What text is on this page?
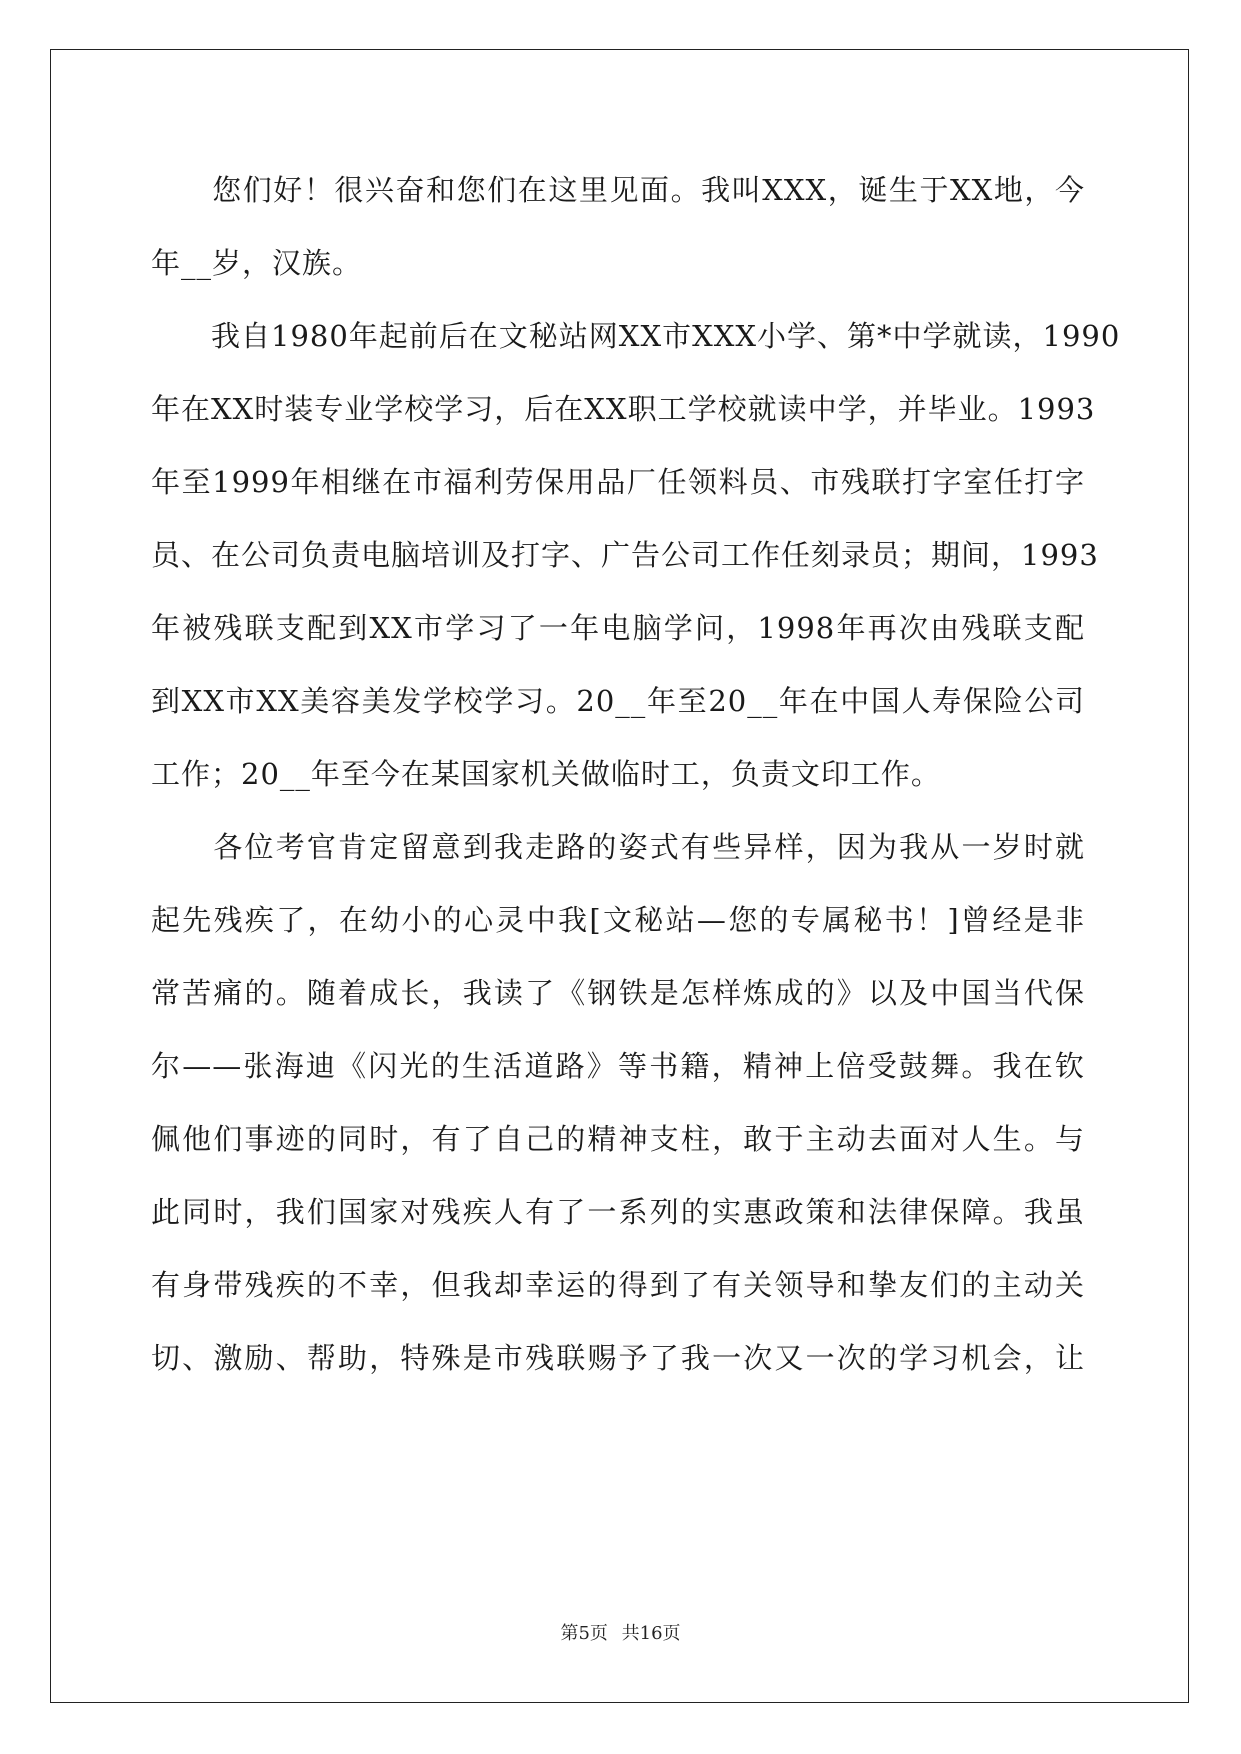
　　您们好！很兴奋和您们在这里见面。我叫XXX，诞生于XX地，今
年__岁，汉族。
　　我自1980年起前后在文秘站网XX市XXX小学、第*中学就读，1990
年在XX时装专业学校学习，后在XX职工学校就读中学，并毕业。1993
年至1999年相继在市福利劳保用品厂任领料员、市残联打字室任打字
员、在公司负责电脑培训及打字、广告公司工作任刻录员；期间，1993
年被残联支配到XX市学习了一年电脑学问，1998年再次由残联支配
到XX市XX美容美发学校学习。20__年至20__年在中国人寿保险公司
工作；20__年至今在某国家机关做临时工，负责文印工作。
　　各位考官肯定留意到我走路的姿式有些异样，因为我从一岁时就
起先残疾了，在幼小的心灵中我[文秘站—您的专属秘书！]曾经是非
常苦痛的。随着成长，我读了《钢铁是怎样炼成的》以及中国当代保
尔——张海迪《闪光的生活道路》等书籍，精神上倍受鼓舞。我在钦
佩他们事迹的同时，有了自己的精神支柱，敢于主动去面对人生。与
此同时，我们国家对残疾人有了一系列的实惠政策和法律保障。我虽
有身带残疾的不幸，但我却幸运的得到了有关领导和挚友们的主动关
切、激励、帮助，特殊是市残联赐予了我一次又一次的学习机会，让
第5页 共16页
